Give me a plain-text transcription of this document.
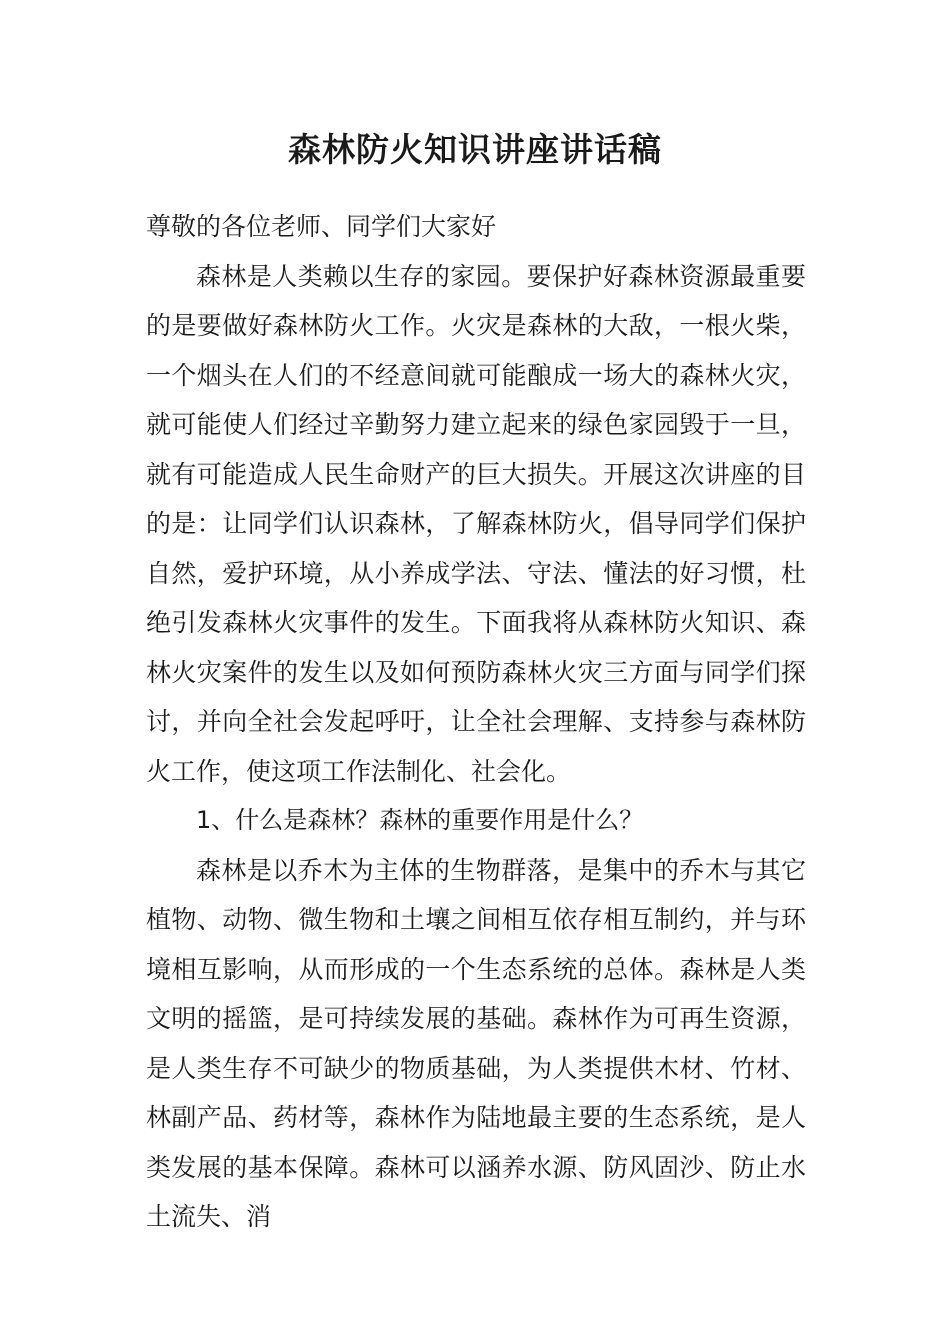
森林防火知识讲座讲话稿

尊敬的各位老师、同学们大家好

森林是人类赖以生存的家园。要保护好森林资源最重要的是要做好森林防火工作。火灾是森林的大敌，一根火柴，一个烟头在人们的不经意间就可能酿成一场大的森林火灾，就可能使人们经过辛勤努力建立起来的绿色家园毁于一旦，就有可能造成人民生命财产的巨大损失。开展这次讲座的目的是：让同学们认识森林，了解森林防火，倡导同学们保护自然，爱护环境，从小养成学法、守法、懂法的好习惯，杜绝引发森林火灾事件的发生。下面我将从森林防火知识、森林火灾案件的发生以及如何预防森林火灾三方面与同学们探讨，并向全社会发起呼吁，让全社会理解、支持参与森林防火工作，使这项工作法制化、社会化。

1、什么是森林？森林的重要作用是什么？

森林是以乔木为主体的生物群落，是集中的乔木与其它植物、动物、微生物和土壤之间相互依存相互制约，并与环境相互影响，从而形成的一个生态系统的总体。森林是人类文明的摇篮，是可持续发展的基础。森林作为可再生资源，是人类生存不可缺少的物质基础，为人类提供木材、竹材、林副产品、药材等，森林作为陆地最主要的生态系统，是人类发展的基本保障。森林可以涵养水源、防风固沙、防止水土流失、消
